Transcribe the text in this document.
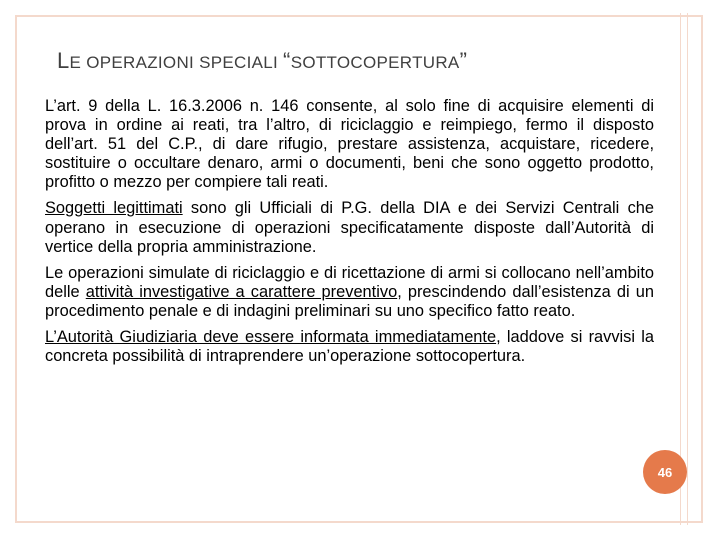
LE OPERAZIONI SPECIALI “SOTTOCOPERTURA”

L’art. 9 della L. 16.3.2006 n. 146 consente, al solo fine di acquisire elementi di prova in ordine ai reati, tra l’altro, di riciclaggio e reimpiego, fermo il disposto dell’art. 51 del C.P., di dare rifugio, prestare assistenza, acquistare, ricedere, sostituire o occultare denaro, armi o documenti, beni che sono oggetto prodotto, profitto o mezzo per compiere tali reati.

Soggetti legittimati sono gli Ufficiali di P.G. della DIA e dei Servizi Centrali che operano in esecuzione di operazioni specificatamente disposte dall’Autorità di vertice della propria amministrazione.

Le operazioni simulate di riciclaggio e di ricettazione di armi si collocano nell’ambito delle attività investigative a carattere preventivo, prescindendo dall’esistenza di un procedimento penale e di indagini preliminari su uno specifico fatto reato.

L’Autorità Giudiziaria deve essere informata immediatamente, laddove si ravvisi la concreta possibilità di intraprendere un’operazione sottocopertura.

46
